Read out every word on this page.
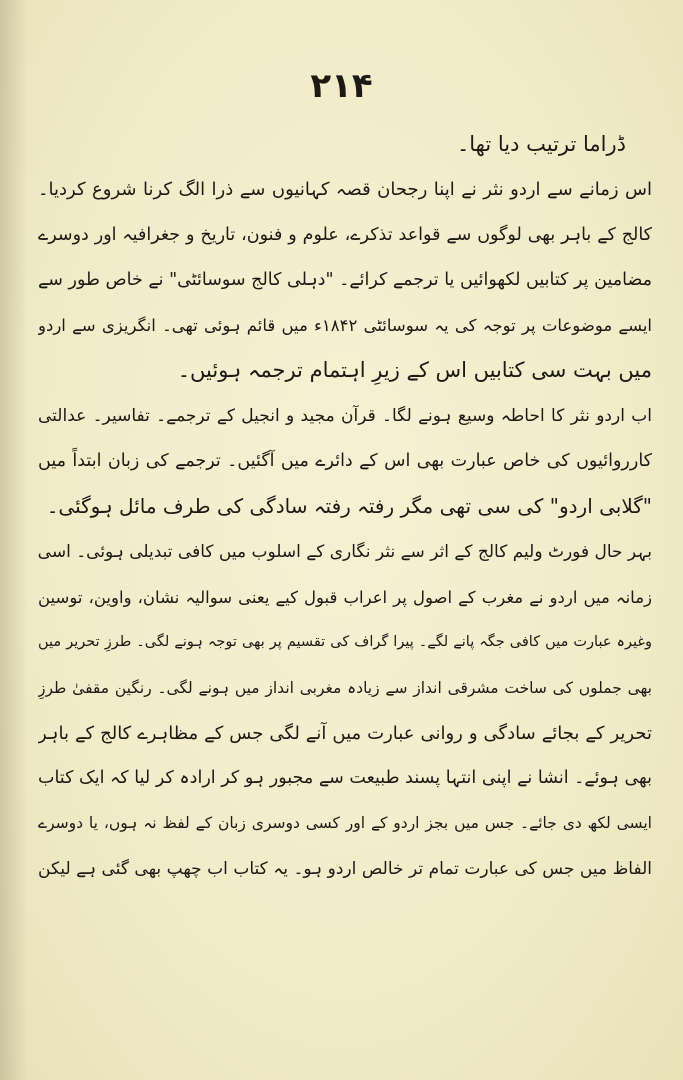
۲۱۴
ڈراما ترتیب دیا تھا۔
اس زمانے سے اردو نثر نے اپنا رجحان قصہ کہانیوں سے ذرا الگ کرنا شروع کردیا۔
کالج کے باہر بھی لوگوں سے قواعد تذکرے، علوم و فنون، تاریخ و جغرافیہ اور دوسرے
مضامین پر کتابیں لکھوائیں یا ترجمے کرائے۔ "دہلی کالج سوسائٹی" نے خاص طور سے
ایسے موضوعات پر توجہ کی یہ سوسائٹی ۱۸۴۲ء میں قائم ہوئی تھی۔ انگریزی سے اردو
میں بہت سی کتابیں اس کے زیرِ اہتمام ترجمہ ہوئیں۔
اب اردو نثر کا احاطہ وسیع ہونے لگا۔ قرآن مجید و انجیل کے ترجمے۔ تفاسیر۔ عدالتی
کارروائیوں کی خاص عبارت بھی اس کے دائرے میں آگئیں۔ ترجمے کی زبان ابتداً میں
"گلابی اردو" کی سی تھی مگر رفتہ رفتہ سادگی کی طرف مائل ہوگئی۔
بہر حال فورٹ ولیم کالج کے اثر سے نثر نگاری کے اسلوب میں کافی تبدیلی ہوئی۔ اسی
زمانہ میں اردو نے مغرب کے اصول پر اعراب قبول کیے یعنی سوالیہ نشان، واوین، توسین
وغیرہ عبارت میں کافی جگہ پانے لگے۔ پیرا گراف کی تقسیم پر بھی توجہ ہونے لگی۔ طرزِ تحریر میں
بھی جملوں کی ساخت مشرقی انداز سے زیادہ مغربی انداز میں ہونے لگی۔ رنگین مقفیٰ طرزِ
تحریر کے بجائے سادگی و روانی عبارت میں آنے لگی جس کے مظاہرے کالج کے باہر
بھی ہوئے۔ انشا نے اپنی انتہا پسند طبیعت سے مجبور ہو کر ارادہ کر لیا کہ ایک کتاب
ایسی لکھ دی جائے۔ جس میں بجز اردو کے اور کسی دوسری زبان کے لفظ نہ ہوں، یا دوسرے
الفاظ میں جس کی عبارت تمام تر خالص اردو ہو۔ یہ کتاب اب چھپ بھی گئی ہے لیکن
